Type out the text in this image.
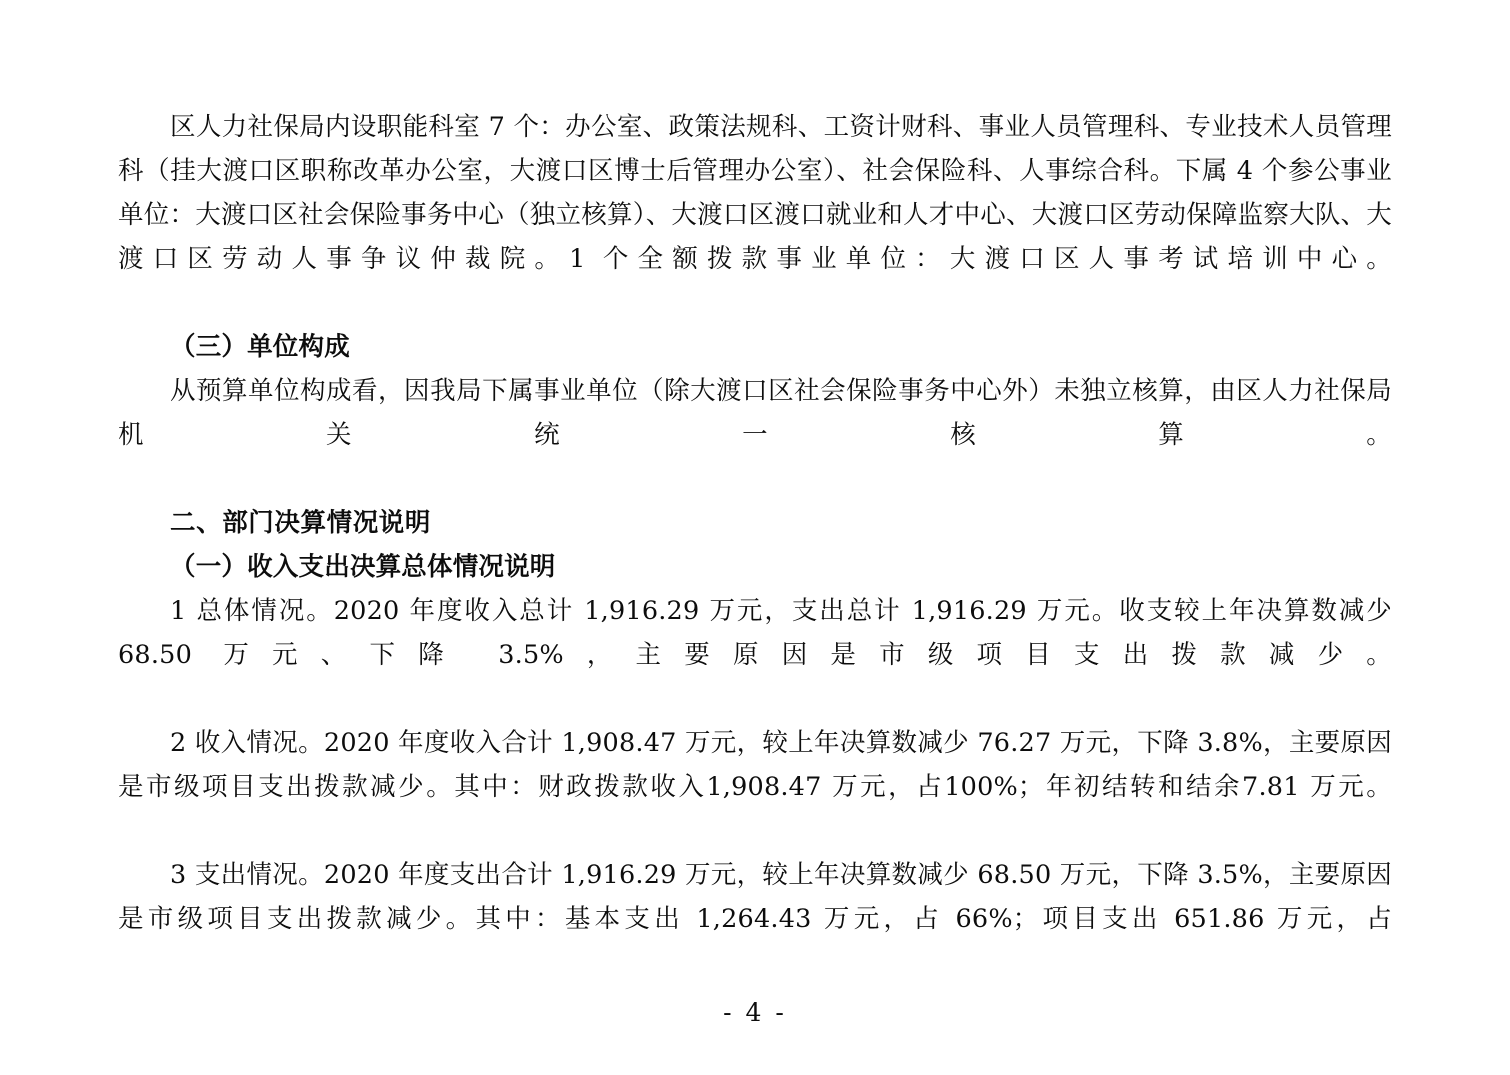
区人力社保局内设职能科室 7 个：办公室、政策法规科、工资计财科、事业人员管理科、专业技术人员管理科（挂大渡口区职称改革办公室，大渡口区博士后管理办公室）、社会保险科、人事综合科。下属 4 个参公事业单位：大渡口区社会保险事务中心（独立核算）、大渡口区渡口就业和人才中心、大渡口区劳动保障监察大队、大渡口区劳动人事争议仲裁院。1 个全额拨款事业单位：大渡口区人事考试培训中心。

（三）单位构成

从预算单位构成看，因我局下属事业单位（除大渡口区社会保险事务中心外）未独立核算，由区人力社保局机关统一核算。

二、部门决算情况说明

（一）收入支出决算总体情况说明

1 总体情况。2020 年度收入总计 1,916.29 万元，支出总计 1,916.29 万元。收支较上年决算数减少 68.50 万元、下降 3.5%，主要原因是市级项目支出拨款减少。

2 收入情况。2020 年度收入合计 1,908.47 万元，较上年决算数减少 76.27 万元，下降 3.8%，主要原因是市级项目支出拨款减少。其中：财政拨款收入1,908.47 万元，占100%；年初结转和结余7.81 万元。

3 支出情况。2020 年度支出合计 1,916.29 万元，较上年决算数减少 68.50 万元，下降 3.5%，主要原因是市级项目支出拨款减少。其中：基本支出 1,264.43 万元，占 66%；项目支出 651.86 万元，占

- 4 -
